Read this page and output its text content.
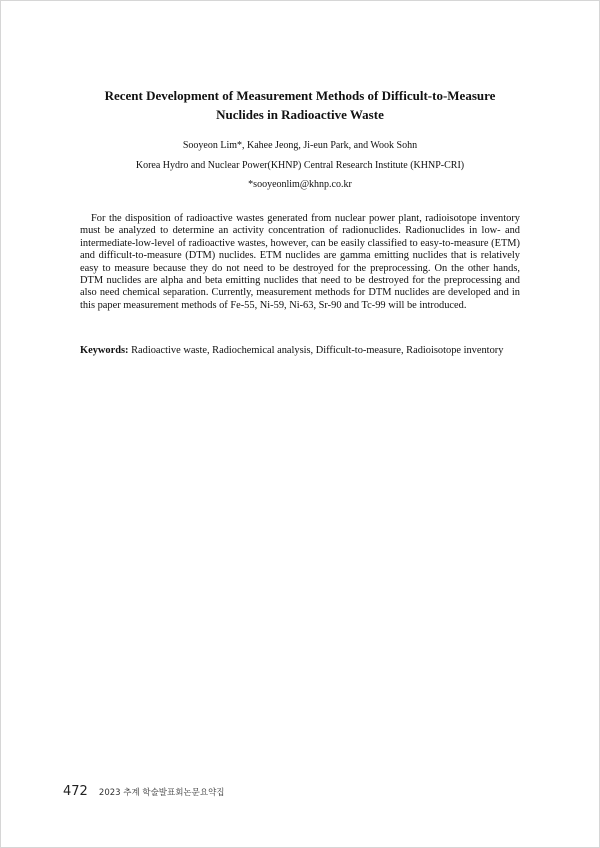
Recent Development of Measurement Methods of Difficult-to-Measure
Nuclides in Radioactive Waste
Sooyeon Lim*, Kahee Jeong, Ji-eun Park, and Wook Sohn
Korea Hydro and Nuclear Power(KHNP) Central Research Institute (KHNP-CRI)
*sooyeonlim@khnp.co.kr

For the disposition of radioactive wastes generated from nuclear power plant, radioisotope inventory must be analyzed to determine an activity concentration of radionuclides. Radionuclides in low- and intermediate-low-level of radioactive wastes, however, can be easily classified to easy-to-measure (ETM) and difficult-to-measure (DTM) nuclides. ETM nuclides are gamma emitting nuclides that is relatively easy to measure because they do not need to be destroyed for the preprocessing. On the other hands, DTM nuclides are alpha and beta emitting nuclides that need to be destroyed for the preprocessing and also need chemical separation. Currently, measurement methods for DTM nuclides are developed and in this paper measurement methods of Fe-55, Ni-59, Ni-63, Sr-90 and Tc-99 will be introduced.

Keywords: Radioactive waste, Radiochemical analysis, Difficult-to-measure, Radioisotope inventory

472 2023 추계 학술발표회논문요약집
